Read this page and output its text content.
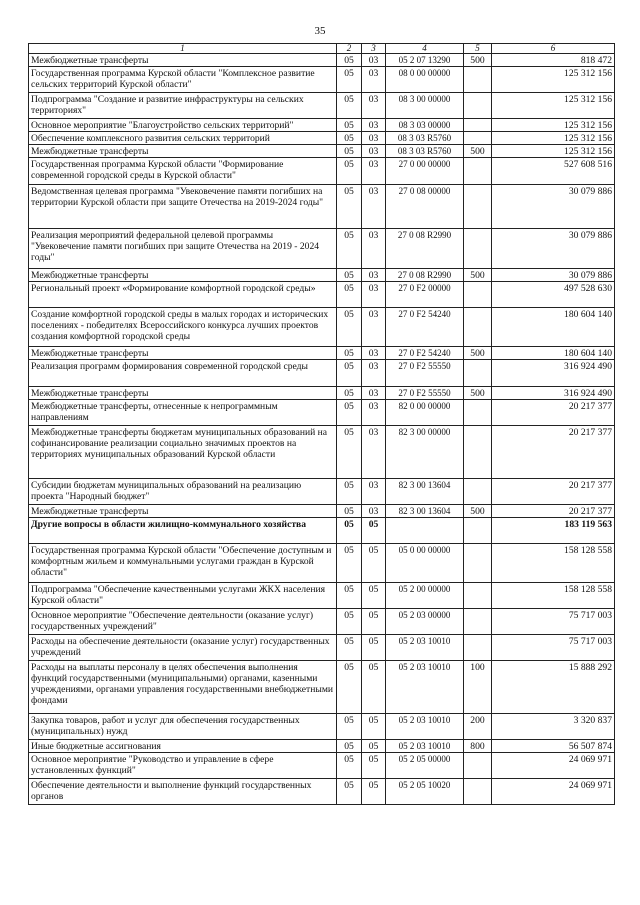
35
1	2	3	4	5	6
Межбюджетные трансферты	05	03	05 2 07 13290	500	818 472
Государственная программа Курской области "Комплексное развитие сельских территорий Курской области"	05	03	08 0 00 00000		125 312 156
Подпрограмма "Создание и развитие инфраструктуры на сельских территориях"	05	03	08 3 00 00000		125 312 156
Основное мероприятие "Благоустройство сельских территорий"	05	03	08 3 03 00000		125 312 156
Обеспечение комплексного развития сельских территорий	05	03	08 3 03 R5760		125 312 156
Межбюджетные трансферты	05	03	08 3 03 R5760	500	125 312 156
Государственная программа Курской области "Формирование современной городской среды в Курской области"	05	03	27 0 00 00000		527 608 516
Ведомственная целевая программа "Увековечение памяти погибших на территории Курской области при защите Отечества на 2019-2024 годы"	05	03	27 0 08 00000		30 079 886
Реализация мероприятий федеральной целевой программы "Увековечение памяти погибших при защите Отечества на 2019 - 2024 годы"	05	03	27 0 08 R2990		30 079 886
Межбюджетные трансферты	05	03	27 0 08 R2990	500	30 079 886
Региональный проект «Формирование комфортной городской среды»	05	03	27 0 F2 00000		497 528 630
Создание комфортной городской среды в малых городах и исторических поселениях - победителях Всероссийского конкурса лучших проектов создания комфортной городской среды	05	03	27 0 F2 54240		180 604 140
Межбюджетные трансферты	05	03	27 0 F2 54240	500	180 604 140
Реализация программ формирования современной городской среды	05	03	27 0 F2 55550		316 924 490
Межбюджетные трансферты	05	03	27 0 F2 55550	500	316 924 490
Межбюджетные трансферты, отнесенные к непрограммным направлениям	05	03	82 0 00 00000		20 217 377
Межбюджетные трансферты бюджетам муниципальных образований на софинансирование реализации социально значимых проектов на территориях муниципальных образований Курской области	05	03	82 3 00 00000		20 217 377
Субсидии бюджетам муниципальных образований на реализацию проекта "Народный бюджет"	05	03	82 3 00 13604		20 217 377
Межбюджетные трансферты	05	03	82 3 00 13604	500	20 217 377
Другие вопросы в области жилищно-коммунального хозяйства	05	05			183 119 563
Государственная программа Курской области "Обеспечение доступным и комфортным жильем и коммунальными услугами граждан в Курской области"	05	05	05 0 00 00000		158 128 558
Подпрограмма "Обеспечение качественными услугами ЖКХ населения Курской области"	05	05	05 2 00 00000		158 128 558
Основное мероприятие "Обеспечение деятельности (оказание услуг) государственных учреждений"	05	05	05 2 03 00000		75 717 003
Расходы на обеспечение деятельности (оказание услуг) государственных учреждений	05	05	05 2 03 10010		75 717 003
Расходы на выплаты персоналу в целях обеспечения выполнения функций государственными (муниципальными) органами, казенными учреждениями, органами управления государственными внебюджетными фондами	05	05	05 2 03 10010	100	15 888 292
Закупка товаров, работ и услуг для обеспечения государственных (муниципальных) нужд	05	05	05 2 03 10010	200	3 320 837
Иные бюджетные ассигнования	05	05	05 2 03 10010	800	56 507 874
Основное мероприятие "Руководство и управление в сфере установленных функций"	05	05	05 2 05 00000		24 069 971
Обеспечение деятельности и выполнение функций государственных органов	05	05	05 2 05 10020		24 069 971
